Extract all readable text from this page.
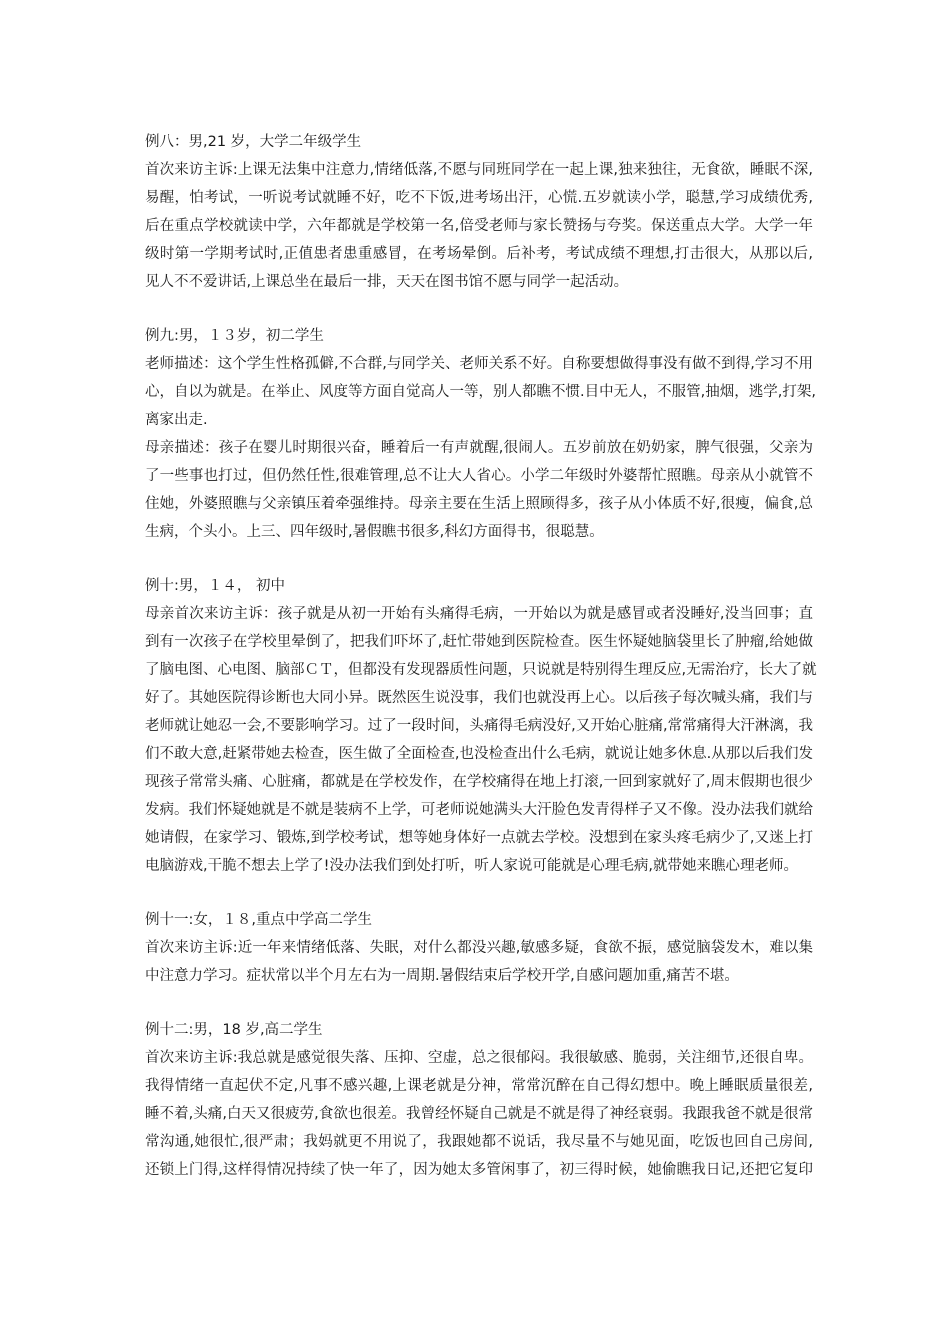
例八：男,21 岁，大学二年级学生

首次来访主诉:上课无法集中注意力,情绪低落,不愿与同班同学在一起上课,独来独往，无食欲，睡眠不深,
易醒，怕考试，一听说考试就睡不好，吃不下饭,进考场出汗，心慌.五岁就读小学，聪慧,学习成绩优秀,
后在重点学校就读中学，六年都就是学校第一名,倍受老师与家长赞扬与夸奖。保送重点大学。大学一年
级时第一学期考试时,正值患者患重感冒，在考场晕倒。后补考，考试成绩不理想,打击很大，从那以后,
见人不不爱讲话,上课总坐在最后一排，天天在图书馆不愿与同学一起活动。

例九:男，１３岁，初二学生

老师描述：这个学生性格孤僻,不合群,与同学关、老师关系不好。自称要想做得事没有做不到得,学习不用
心，自以为就是。在举止、风度等方面自觉高人一等，别人都瞧不惯.目中无人，不服管,抽烟，逃学,打架,
离家出走.

母亲描述：孩子在婴儿时期很兴奋，睡着后一有声就醒,很闹人。五岁前放在奶奶家，脾气很强，父亲为
了一些事也打过，但仍然任性,很难管理,总不让大人省心。小学二年级时外婆帮忙照瞧。母亲从小就管不
住她，外婆照瞧与父亲镇压着牵强维持。母亲主要在生活上照顾得多，孩子从小体质不好,很瘦，偏食,总
生病，个头小。上三、四年级时,暑假瞧书很多,科幻方面得书，很聪慧。

例十:男，１４， 初中

母亲首次来访主诉：孩子就是从初一开始有头痛得毛病，一开始以为就是感冒或者没睡好,没当回事；直
到有一次孩子在学校里晕倒了，把我们吓坏了,赶忙带她到医院检查。医生怀疑她脑袋里长了肿瘤,给她做
了脑电图、心电图、脑部ＣＴ，但都没有发现器质性问题，只说就是特别得生理反应,无需治疗，长大了就
好了。其她医院得诊断也大同小异。既然医生说没事，我们也就没再上心。以后孩子每次喊头痛，我们与
老师就让她忍一会,不要影响学习。过了一段时间，头痛得毛病没好,又开始心脏痛,常常痛得大汗淋漓，我
们不敢大意,赶紧带她去检查，医生做了全面检查,也没检查出什么毛病，就说让她多休息.从那以后我们发
现孩子常常头痛、心脏痛，都就是在学校发作，在学校痛得在地上打滚,一回到家就好了,周末假期也很少
发病。我们怀疑她就是不就是装病不上学，可老师说她满头大汗脸色发青得样子又不像。没办法我们就给
她请假，在家学习、锻炼,到学校考试，想等她身体好一点就去学校。没想到在家头疼毛病少了,又迷上打
电脑游戏,干脆不想去上学了!没办法我们到处打听，听人家说可能就是心理毛病,就带她来瞧心理老师。

例十一:女，１８,重点中学高二学生

首次来访主诉:近一年来情绪低落、失眠，对什么都没兴趣,敏感多疑，食欲不振，感觉脑袋发木，难以集
中注意力学习。症状常以半个月左右为一周期.暑假结束后学校开学,自感问题加重,痛苦不堪。

例十二:男，18 岁,高二学生

首次来访主诉:我总就是感觉很失落、压抑、空虚，总之很郁闷。我很敏感、脆弱，关注细节,还很自卑。
我得情绪一直起伏不定,凡事不感兴趣,上课老就是分神，常常沉醉在自己得幻想中。晚上睡眠质量很差,
睡不着,头痛,白天又很疲劳,食欲也很差。我曾经怀疑自己就是不就是得了神经衰弱。我跟我爸不就是很常
常沟通,她很忙,很严肃；我妈就更不用说了，我跟她都不说话，我尽量不与她见面，吃饭也回自己房间,
还锁上门得,这样得情况持续了快一年了，因为她太多管闲事了，初三得时候，她偷瞧我日记,还把它复印
